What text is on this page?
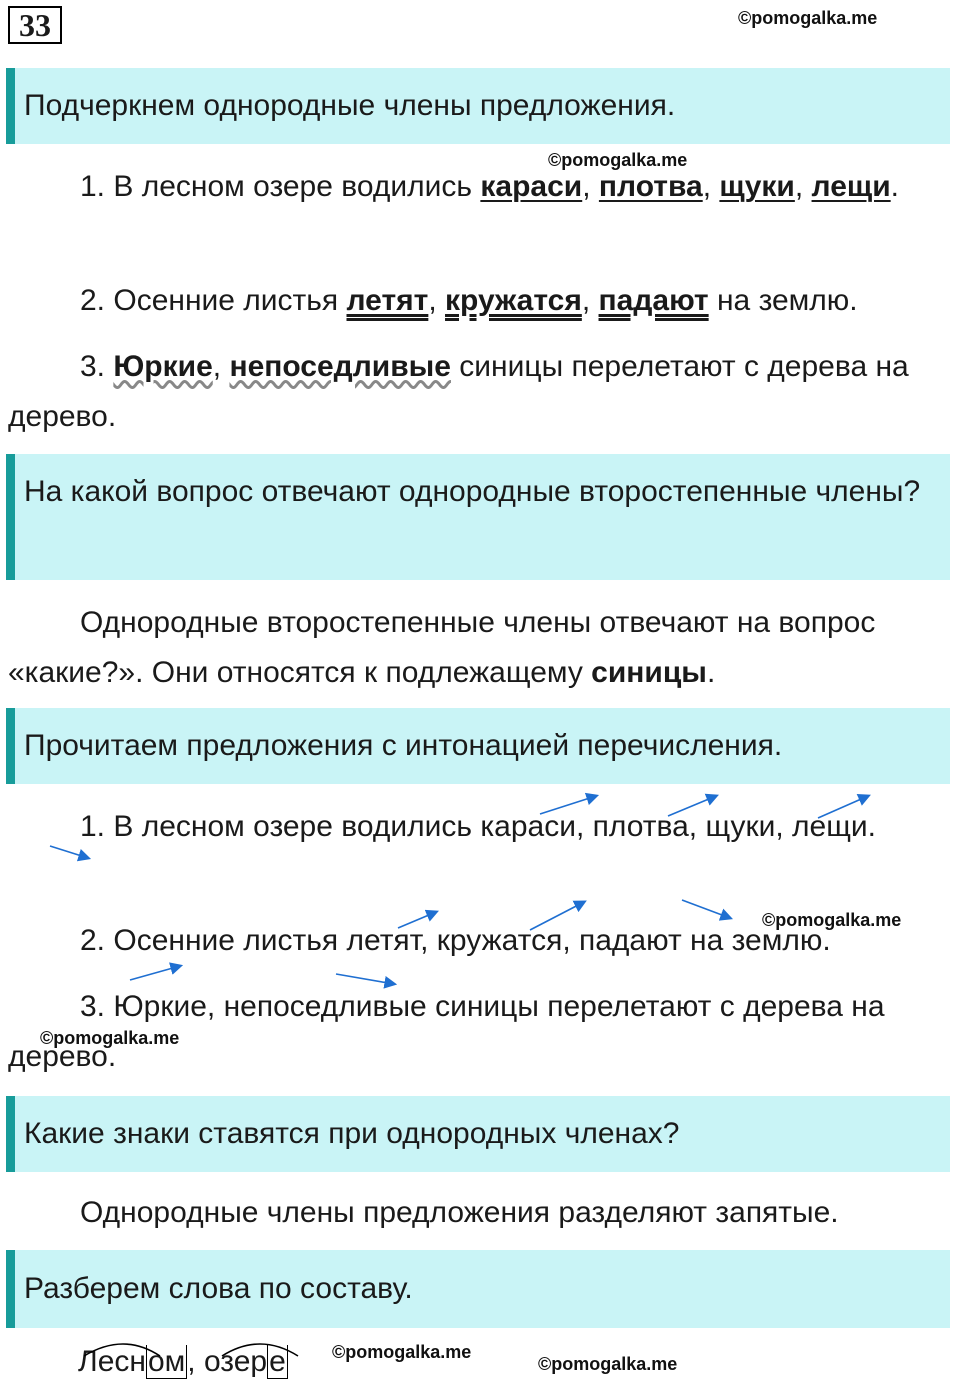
33	©pomogalka.me
Подчеркнем однородные члены предложения.
©pomogalka.me
1. В лесном озере водились караси, плотва, щуки, лещи.
2. Осенние листья летят, кружатся, падают на землю.
3. Юркие, непоседливые синицы перелетают с дерева на дерево.
На какой вопрос отвечают однородные второстепенные члены?
Однородные второстепенные члены отвечают на вопрос «какие?». Они относятся к подлежащему синицы.
Прочитаем предложения с интонацией перечисления.
1. В лесном озере водились караси, плотва, щуки, лещи.
2. Осенние листья летят, кружатся, падают на землю.
3. Юркие, непоседливые синицы перелетают с дерева на дерево.
©pomogalka.me
©pomogalka.me
Какие знаки ставятся при однородных членах?
Однородные члены предложения разделяют запятые.
Разберем слова по составу.
Лесном, озере	©pomogalka.me
©pomogalka.me
